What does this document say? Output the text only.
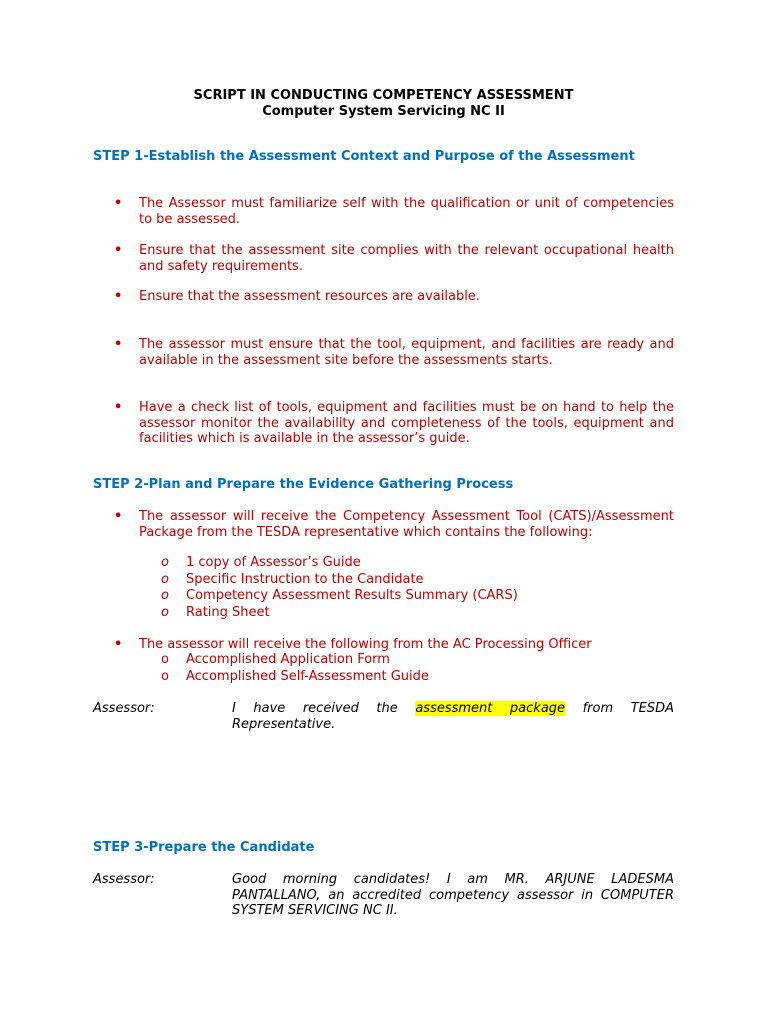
SCRIPT IN CONDUCTING COMPETENCY ASSESSMENT
Computer System Servicing NC II
STEP 1-Establish the Assessment Context and Purpose of the Assessment
• The Assessor must familiarize self with the qualification or unit of competencies to be assessed.
• Ensure that the assessment site complies with the relevant occupational health and safety requirements.
• Ensure that the assessment resources are available.
• The assessor must ensure that the tool, equipment, and facilities are ready and available in the assessment site before the assessments starts.
• Have a check list of tools, equipment and facilities must be on hand to help the assessor monitor the availability and completeness of the tools, equipment and facilities which is available in the assessor’s guide.
STEP 2-Plan and Prepare the Evidence Gathering Process
• The assessor will receive the Competency Assessment Tool (CATS)/Assessment Package from the TESDA representative which contains the following:
o 1 copy of Assessor’s Guide
o Specific Instruction to the Candidate
o Competency Assessment Results Summary (CARS)
o Rating Sheet
• The assessor will receive the following from the AC Processing Officer
o Accomplished Application Form
o Accomplished Self-Assessment Guide
Assessor:	I have received the assessment package from TESDA Representative.
STEP 3-Prepare the Candidate
Assessor:	Good morning candidates! I am MR. ARJUNE LADESMA PANTALLANO, an accredited competency assessor in COMPUTER SYSTEM SERVICING NC II.
